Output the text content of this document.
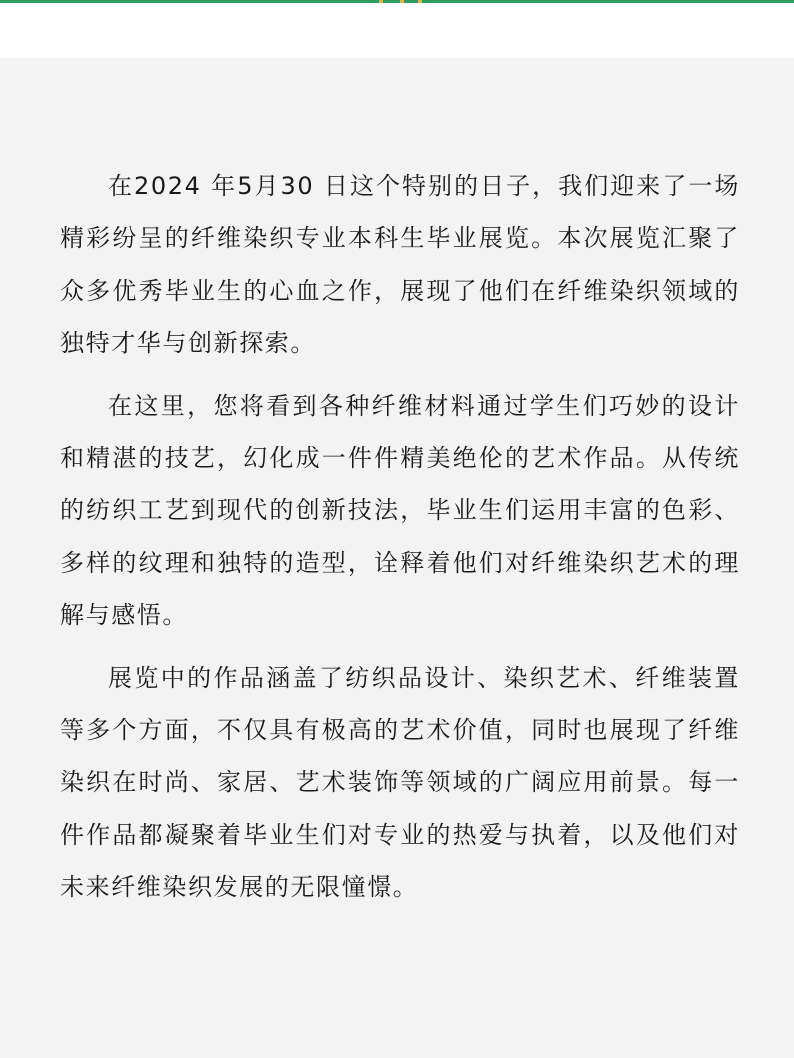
在2024 年5月30 日这个特别的日子，我们迎来了一场精彩纷呈的纤维染织专业本科生毕业展览。本次展览汇聚了众多优秀毕业生的心血之作，展现了他们在纤维染织领域的独特才华与创新探索。

在这里，您将看到各种纤维材料通过学生们巧妙的设计和精湛的技艺，幻化成一件件精美绝伦的艺术作品。从传统的纺织工艺到现代的创新技法，毕业生们运用丰富的色彩、多样的纹理和独特的造型，诠释着他们对纤维染织艺术的理解与感悟。

展览中的作品涵盖了纺织品设计、染织艺术、纤维装置等多个方面，不仅具有极高的艺术价值，同时也展现了纤维染织在时尚、家居、艺术装饰等领域的广阔应用前景。每一件作品都凝聚着毕业生们对专业的热爱与执着，以及他们对未来纤维染织发展的无限憧憬。
